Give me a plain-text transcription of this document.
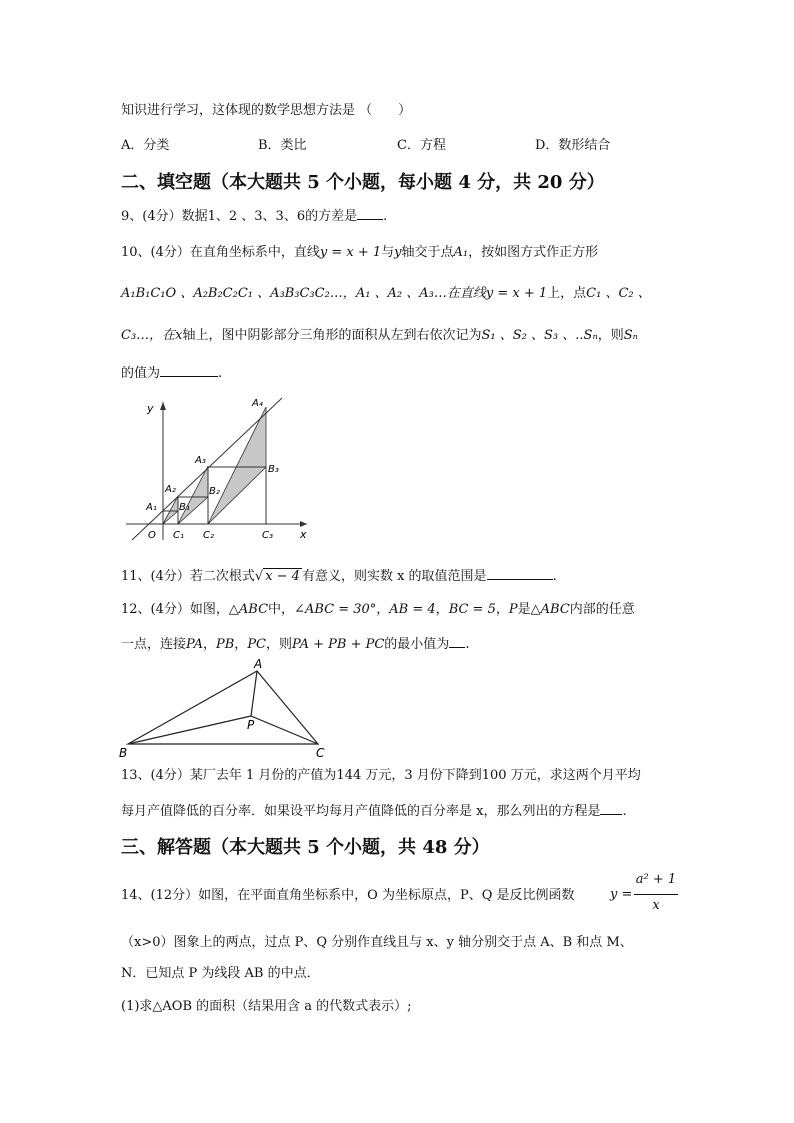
知识进行学习，这体现的数学思想方法是 （　　）
A．分类	B．类比	C．方程	D．数形结合
二、填空题（本大题共 5 个小题，每小题 4 分，共 20 分）
9、(4分）数据1、2 、3、3、6的方差是 .
10、(4分）在直角坐标系中，直线y = x + 1与y轴交于点A₁，按如图方式作正方形
A₁B₁C₁O 、A₂B₂C₂C₁ 、A₃B₃C₃C₂…，A₁ 、A₂ 、A₃…在直线y = x + 1上，点C₁ 、C₂ 、
C₃…，在x轴上，图中阴影部分三角形的面积从左到右依次记为S₁ 、S₂ 、S₃ 、..Sₙ，则Sₙ
的值为	.
y
x
O
A₁
A₂
A₃
A₄
B₁
B₂
B₃
C₁ C₂	C₃
11、(4分）若二次根式√ x − 4 有意义，则实数 x 的取值范围是	.
12、(4分）如图，△ABC中，∠ABC = 30°，AB = 4，BC = 5，P是△ABC内部的任意
一点，连接PA，PB，PC，则PA + PB + PC的最小值为 .
A
B	C
P
13、(4分）某厂去年 1 月份的产值为144 万元，3 月份下降到100 万元，求这两个月平均
每月产值降低的百分率．如果设平均每月产值降低的百分率是 x，那么列出的方程是 .
三、解答题（本大题共 5 个小题，共 48 分）
14、(12分）如图，在平面直角坐标系中，O 为坐标原点，P、Q 是反比例函数	y =
a² + 1
x
（x>0）图象上的两点，过点 P、Q 分别作直线且与 x、y 轴分别交于点 A、B 和点 M、
N．已知点 P 为线段 AB 的中点．
(1)求△AOB 的面积（结果用含 a 的代数式表示）;
